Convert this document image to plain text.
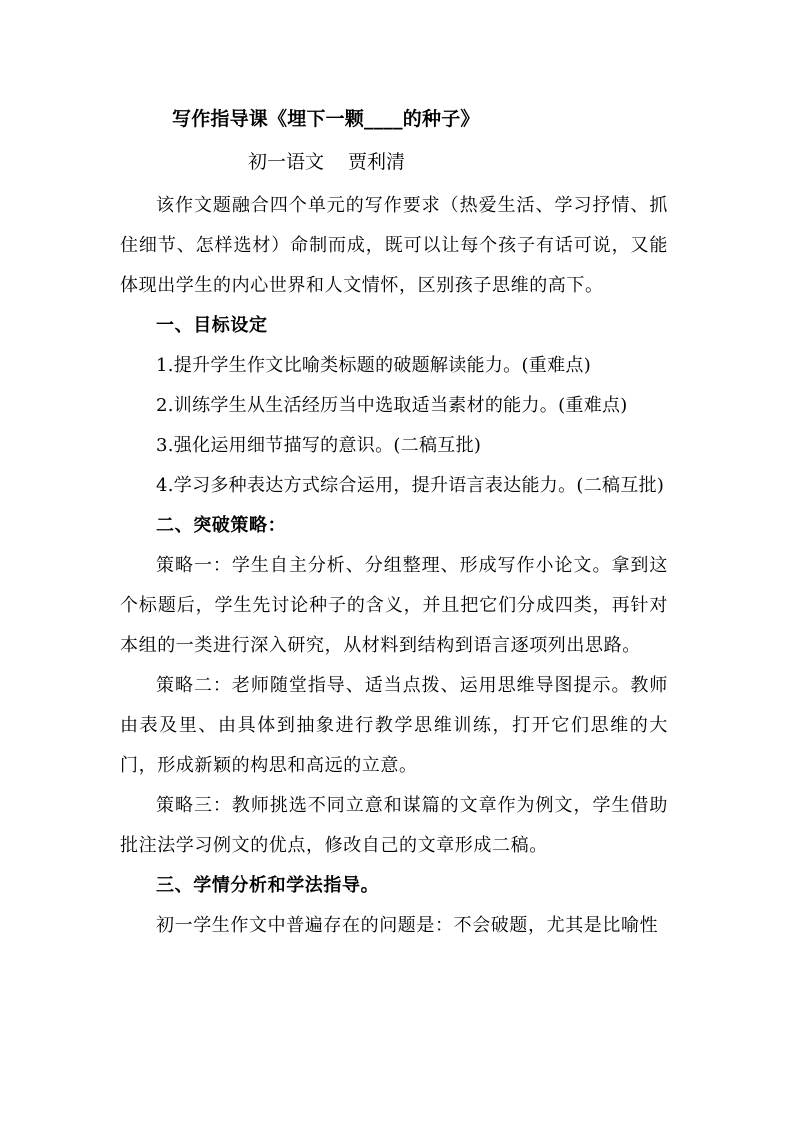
写作指导课《埋下一颗____的种子》
初一语文 贾利清

该作文题融合四个单元的写作要求（热爱生活、学习抒情、抓住细节、怎样选材）命制而成，既可以让每个孩子有话可说，又能体现出学生的内心世界和人文情怀，区别孩子思维的高下。

一、目标设定

1.提升学生作文比喻类标题的破题解读能力。(重难点)

2.训练学生从生活经历当中选取适当素材的能力。(重难点)

3.强化运用细节描写的意识。(二稿互批)

4.学习多种表达方式综合运用，提升语言表达能力。(二稿互批)

二、突破策略：

策略一：学生自主分析、分组整理、形成写作小论文。拿到这个标题后，学生先讨论种子的含义，并且把它们分成四类，再针对本组的一类进行深入研究，从材料到结构到语言逐项列出思路。

策略二：老师随堂指导、适当点拨、运用思维导图提示。教师由表及里、由具体到抽象进行教学思维训练，打开它们思维的大门，形成新颖的构思和高远的立意。

策略三：教师挑选不同立意和谋篇的文章作为例文，学生借助批注法学习例文的优点，修改自己的文章形成二稿。

三、学情分析和学法指导。

初一学生作文中普遍存在的问题是：不会破题，尤其是比喻性
